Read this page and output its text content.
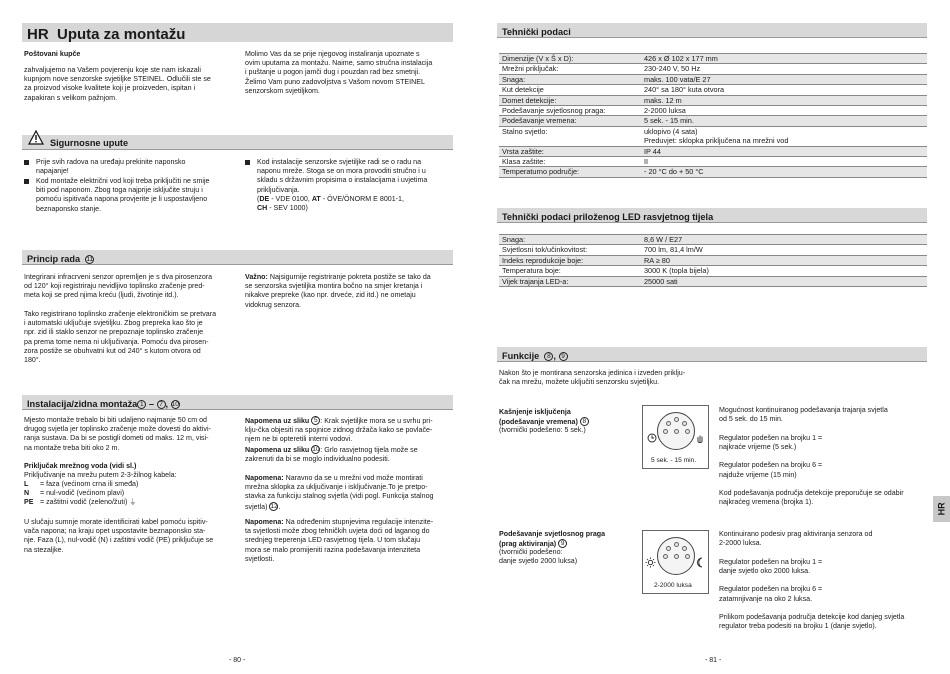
HR Uputa za montažu
Poštovani kupče
zahvaljujemo na Vašem povjerenju koje ste nam iskazali
kupnjom nove senzorske svjetiljke STEINEL. Odlučili ste se
za proizvod visoke kvalitete koji je proizveden, ispitan i
zapakiran s velikom pažnjom.
Molimo Vas da se prije njegovog instaliranja upoznate s
ovim uputama za montažu. Naime, samo stručna instalacija
i puštanje u pogon jamči dug i pouzdan rad bez smetnji.
Želimo Vam puno zadovoljstva s Vašom novom STEINEL
senzorskom svjetiljkom.
Sigurnosne upute
Prije svih radova na uređaju prekinite naponsko
napajanje!
Kod montaže električni vod koji treba priključiti ne smije
biti pod naponom. Zbog toga najprije isključite struju i
pomoću ispitivača napona provjerite je li uspostavljeno
beznaponsko stanje.
Kod instalacije senzorske svjetiljke radi se o radu na
naponu mreže. Stoga se on mora provoditi stručno i u
skladu s državnim propisima o instalacijama i uvjetima
priključivanja.
(DE - VDE 0100, AT - ÖVE/ÖNORM E 8001-1,
CH - SEV 1000)
Princip rada 11
Integrirani infracrveni senzor opremljen je s dva pirosenzora
od 120° koji registriraju nevidljivo toplinsko zračenje pred-
meta koji se pred njima kreću (ljudi, životinje itd.).

Tako registrirano toplinsko zračenje elektroničkim se pretvara
i automatski uključuje svjetiljku. Zbog prepreka kao što je
npr. zid ili staklo senzor ne prepoznaje toplinsko zračenje
pa prema tome nema ni uključivanja. Pomoću dva pirosen-
zora postiže se obuhvatni kut od 240° s kutom otvora od
180°.
Važno: Najsigurnije registriranje pokreta postiže se tako da
se senzorska svjetiljka montira bočno na smjer kretanja i
nikakve prepreke (kao npr. drveće, zid itd.) ne ometaju
vidokrug senzora.
Instalacija/zidna montaža 1 – 7 , 10
Mjesto montaže trebalo bi biti udaljeno najmanje 50 cm od
drugog svjetla jer toplinsko zračenje može dovesti do aktivi-
ranja sustava. Da bi se postigli dometi od maks. 12 m, visi-
na montaže treba biti oko 2 m.
Priključak mrežnog voda (vidi sl.)
Priključivanje na mrežu putem 2-3-žilnog kabela:
L = faza (većinom crna ili smeđa)
N = nul-vodič (većinom plavi)
PE = zaštitni vodič (zeleno/žuti) ⏚
U slučaju sumnje morate identificirati kabel pomoću ispitiv-
vača napona; na kraju opet uspostavite beznaponsko sta-
nje. Faza (L), nul-vodič (N) i zaštitni vodič (PE) priključuje se
na stezaljke.
Napomena uz sliku 5 : Krak svjetiljke mora se u svrhu pri-
klju-čka objesiti na spojnice zidnog držača kako se povlače-
njem ne bi opteretili interni vodovi.
Napomena uz sliku 10: Grlo rasvjetnog tijela može se
zakrenuti da bi se moglo individualno podesiti.
Napomena: Naravno da se u mrežni vod može montirati
mrežna sklopka za uključivanje i isključivanje.To je pretpo-
stavka za funkciju stalnog svjetla (vidi pogl. Funkcija stalnog
svjetla) 12.
Napomena: Na određenim stupnjevima regulacije intenzite-
ta svjetlosti može zbog tehničkih uvjeta doći od laganog do
srednjeg treperenja LED rasvjetnog tijela. U tom slučaju
mora se malo promijeniti razina podešavanja intenziteta
svjetlosti.
- 80 -
Tehnički podaci
Dimenzije (V x Š x D):	426 x Ø 102 x 177 mm
Mrežni priključak:	230-240 V, 50 Hz
Snaga:	maks. 100 vata/E 27
Kut detekcije	240° sa 180° kuta otvora
Domet detekcije:	maks. 12 m
Podešavanje svjetlosnog praga:	2-2000 luksa
Podešavanje vremena:	5 sek. - 15 min.
Stalno svjetlo:	uklopivo (4 sata)
Preduvjet: sklopka priključena na mrežni vod
Vrsta zaštite:	IP 44
Klasa zaštite:	II
Temperaturno područje:	- 20 °C do + 50 °C
Tehnički podaci priloženog LED rasvjetnog tijela
Snaga:	8,6 W / E27
Svjetlosni tok/učinkovitost:	700 lm, 81,4 lm/W
Indeks reprodukcije boje:	RA ≥ 80
Temperatura boje:	3000 K (topla bijela)
Vijek trajanja LED-a:	25000 sati
Funkcije 8 , 9
Nakon što je montirana senzorska jedinica i izveden priklju-
čak na mrežu, možete uključiti senzorsku svjetiljku.
Kašnjenje isključenja
(podešavanje vremena) 8
(tvornički podešeno: 5 sek.)
5 sek. - 15 min.
Mogućnost kontinuiranog podešavanja trajanja svjetla
od 5 sek. do 15 min.

Regulator podešen na brojku 1 =
najkraće vrijeme (5 sek.)

Regulator podešen na brojku 6 =
najduže vrijeme (15 min)

Kod podešavanja područja detekcije preporučuje se odabir
najkraćeg vremena (brojka 1).
Podešavanje svjetlosnog praga
(prag aktiviranja) 9
(tvornički podešeno:
danje svjetlo 2000 luksa)
2-2000 luksa
Kontinuirano podesiv prag aktiviranja senzora od
2-2000 luksa.

Regulator podešen na brojku 1 =
danje svjetlo oko 2000 luksa.

Regulator podešen na brojku 6 =
zatamnjivanje na oko 2 luksa.

Prilikom podešavanja područja detekcije kod danjeg svjetla
regulator treba podesiti na brojku 1 (danje svjetlo).
HR
- 81 -
